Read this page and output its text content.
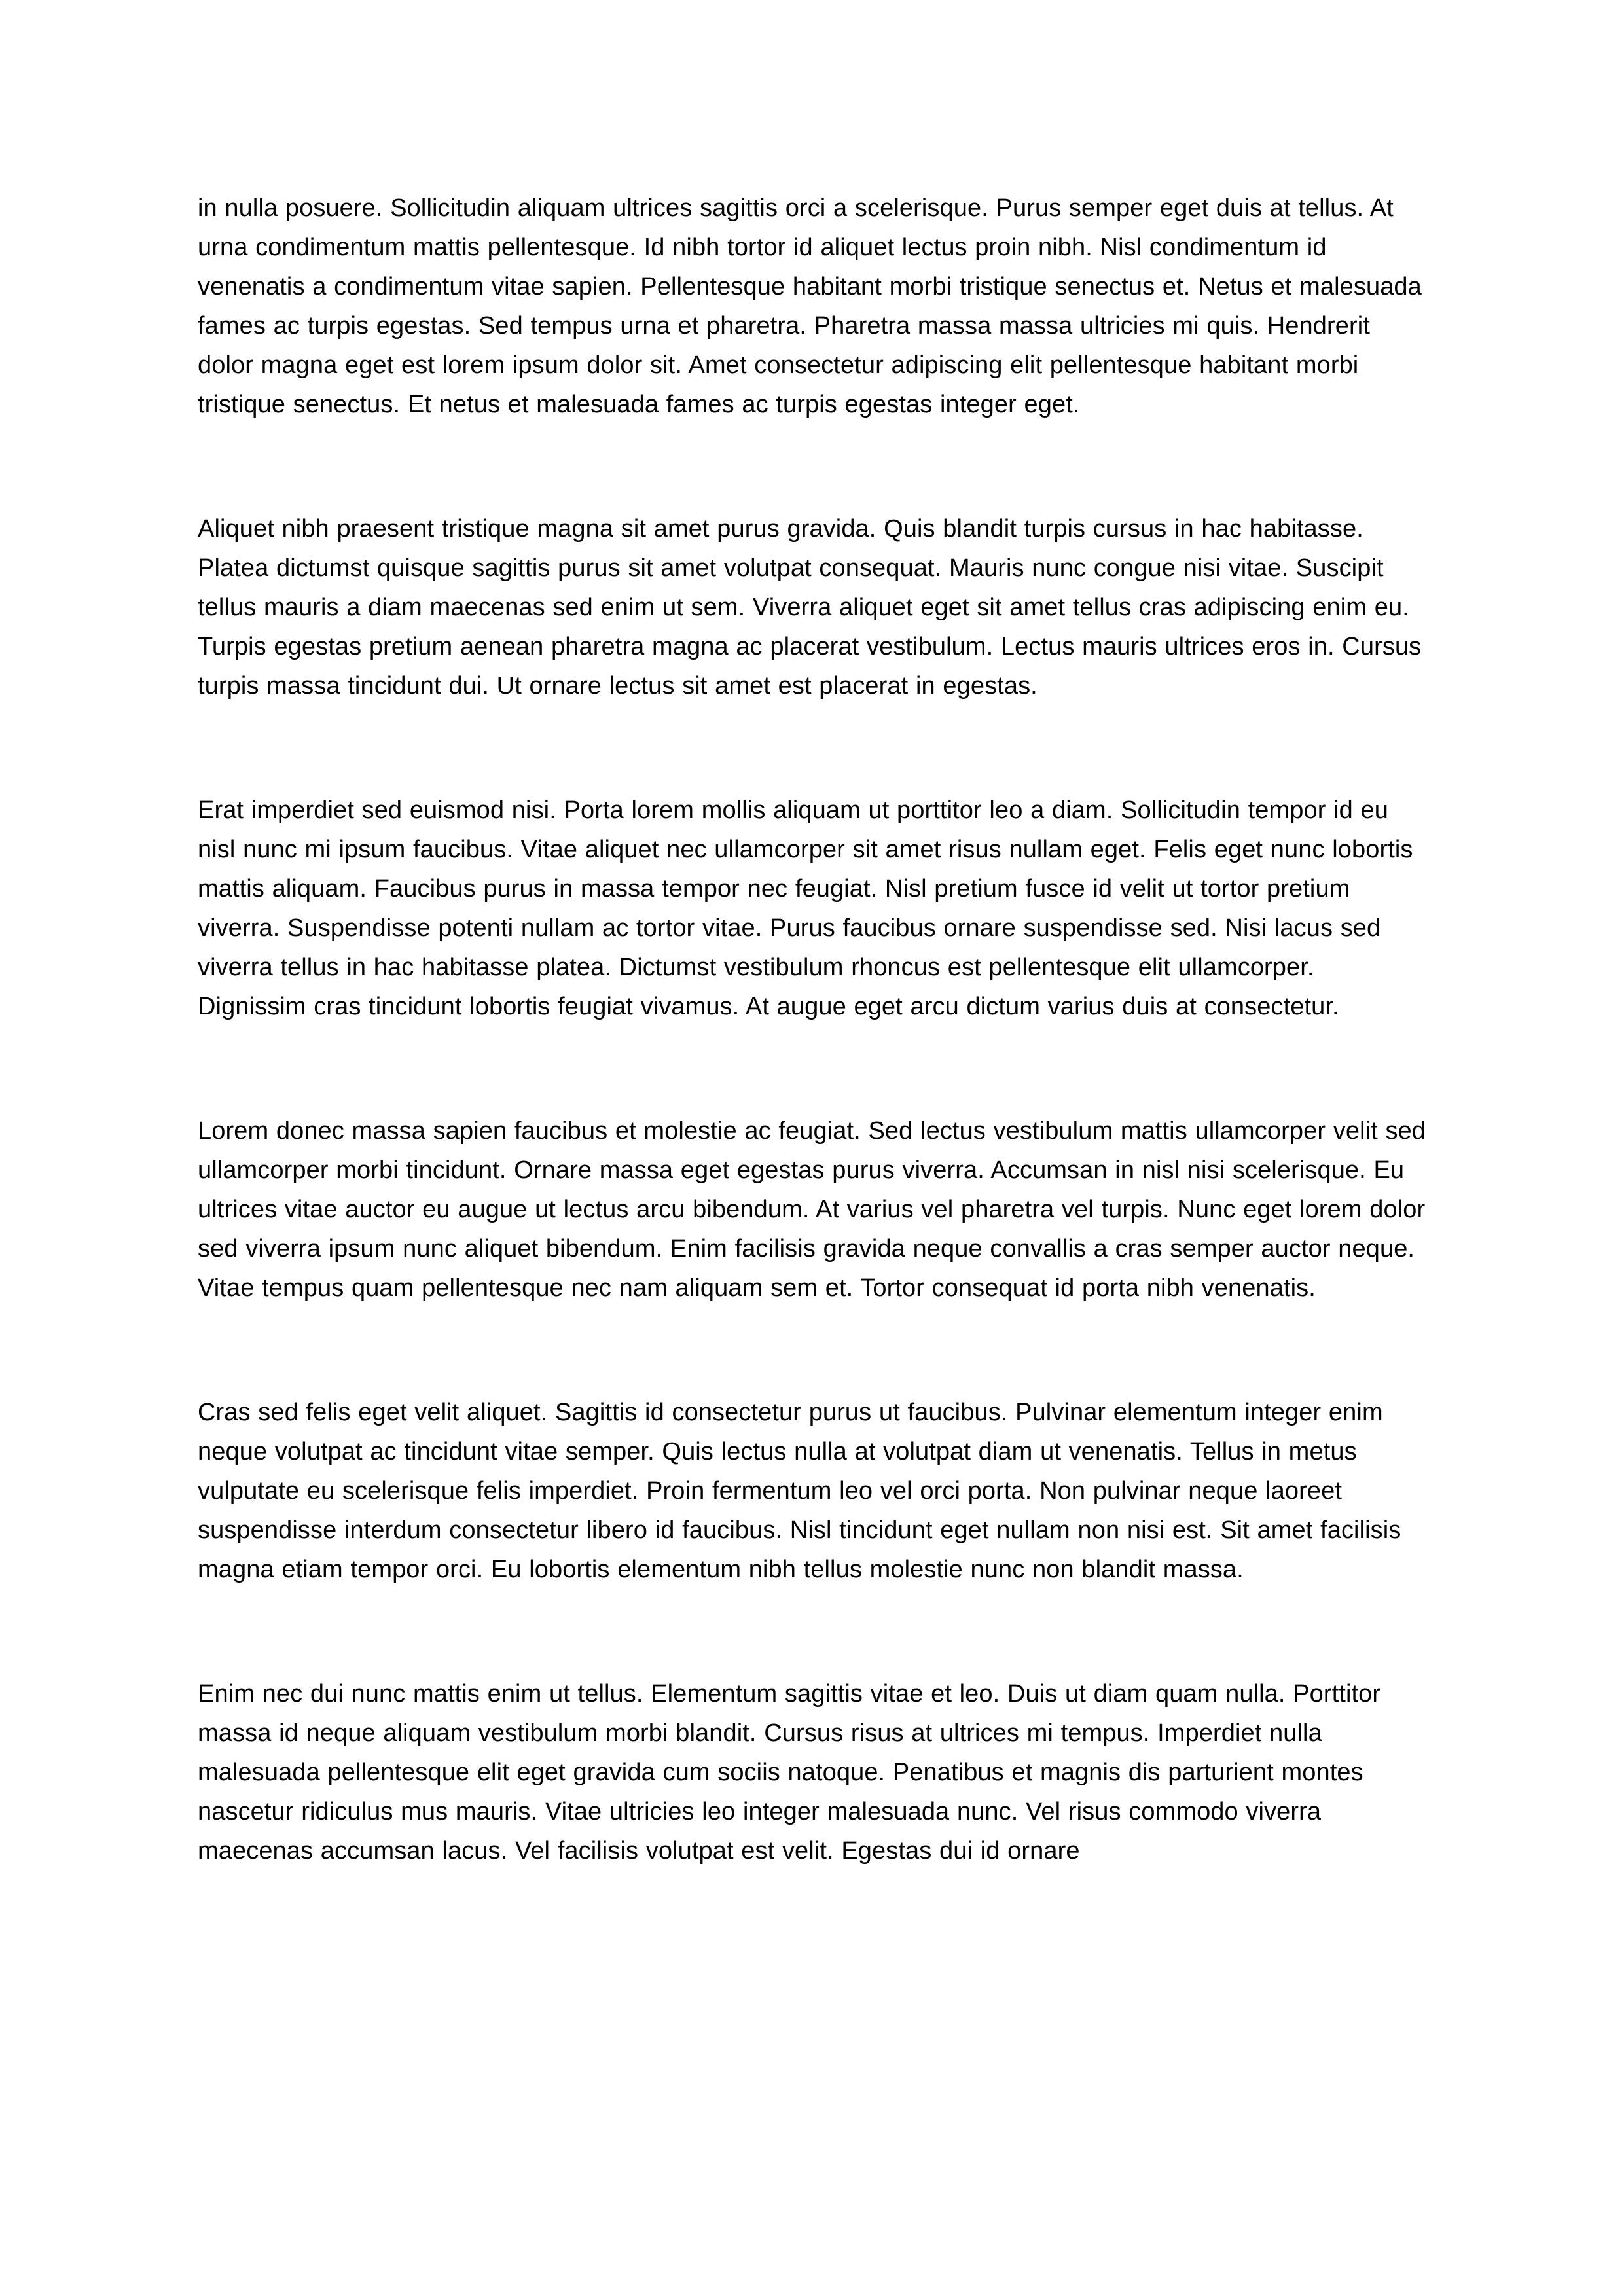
in nulla posuere. Sollicitudin aliquam ultrices sagittis orci a scelerisque. Purus semper eget duis at tellus. At urna condimentum mattis pellentesque. Id nibh tortor id aliquet lectus proin nibh. Nisl condimentum id venenatis a condimentum vitae sapien. Pellentesque habitant morbi tristique senectus et. Netus et malesuada fames ac turpis egestas. Sed tempus urna et pharetra. Pharetra massa massa ultricies mi quis. Hendrerit dolor magna eget est lorem ipsum dolor sit. Amet consectetur adipiscing elit pellentesque habitant morbi tristique senectus. Et netus et malesuada fames ac turpis egestas integer eget.

Aliquet nibh praesent tristique magna sit amet purus gravida. Quis blandit turpis cursus in hac habitasse. Platea dictumst quisque sagittis purus sit amet volutpat consequat. Mauris nunc congue nisi vitae. Suscipit tellus mauris a diam maecenas sed enim ut sem. Viverra aliquet eget sit amet tellus cras adipiscing enim eu. Turpis egestas pretium aenean pharetra magna ac placerat vestibulum. Lectus mauris ultrices eros in. Cursus turpis massa tincidunt dui. Ut ornare lectus sit amet est placerat in egestas.

Erat imperdiet sed euismod nisi. Porta lorem mollis aliquam ut porttitor leo a diam. Sollicitudin tempor id eu nisl nunc mi ipsum faucibus. Vitae aliquet nec ullamcorper sit amet risus nullam eget. Felis eget nunc lobortis mattis aliquam. Faucibus purus in massa tempor nec feugiat. Nisl pretium fusce id velit ut tortor pretium viverra. Suspendisse potenti nullam ac tortor vitae. Purus faucibus ornare suspendisse sed. Nisi lacus sed viverra tellus in hac habitasse platea. Dictumst vestibulum rhoncus est pellentesque elit ullamcorper. Dignissim cras tincidunt lobortis feugiat vivamus. At augue eget arcu dictum varius duis at consectetur.

Lorem donec massa sapien faucibus et molestie ac feugiat. Sed lectus vestibulum mattis ullamcorper velit sed ullamcorper morbi tincidunt. Ornare massa eget egestas purus viverra. Accumsan in nisl nisi scelerisque. Eu ultrices vitae auctor eu augue ut lectus arcu bibendum. At varius vel pharetra vel turpis. Nunc eget lorem dolor sed viverra ipsum nunc aliquet bibendum. Enim facilisis gravida neque convallis a cras semper auctor neque. Vitae tempus quam pellentesque nec nam aliquam sem et. Tortor consequat id porta nibh venenatis.

Cras sed felis eget velit aliquet. Sagittis id consectetur purus ut faucibus. Pulvinar elementum integer enim neque volutpat ac tincidunt vitae semper. Quis lectus nulla at volutpat diam ut venenatis. Tellus in metus vulputate eu scelerisque felis imperdiet. Proin fermentum leo vel orci porta. Non pulvinar neque laoreet suspendisse interdum consectetur libero id faucibus. Nisl tincidunt eget nullam non nisi est. Sit amet facilisis magna etiam tempor orci. Eu lobortis elementum nibh tellus molestie nunc non blandit massa.

Enim nec dui nunc mattis enim ut tellus. Elementum sagittis vitae et leo. Duis ut diam quam nulla. Porttitor massa id neque aliquam vestibulum morbi blandit. Cursus risus at ultrices mi tempus. Imperdiet nulla malesuada pellentesque elit eget gravida cum sociis natoque. Penatibus et magnis dis parturient montes nascetur ridiculus mus mauris. Vitae ultricies leo integer malesuada nunc. Vel risus commodo viverra maecenas accumsan lacus. Vel facilisis volutpat est velit. Egestas dui id ornare
